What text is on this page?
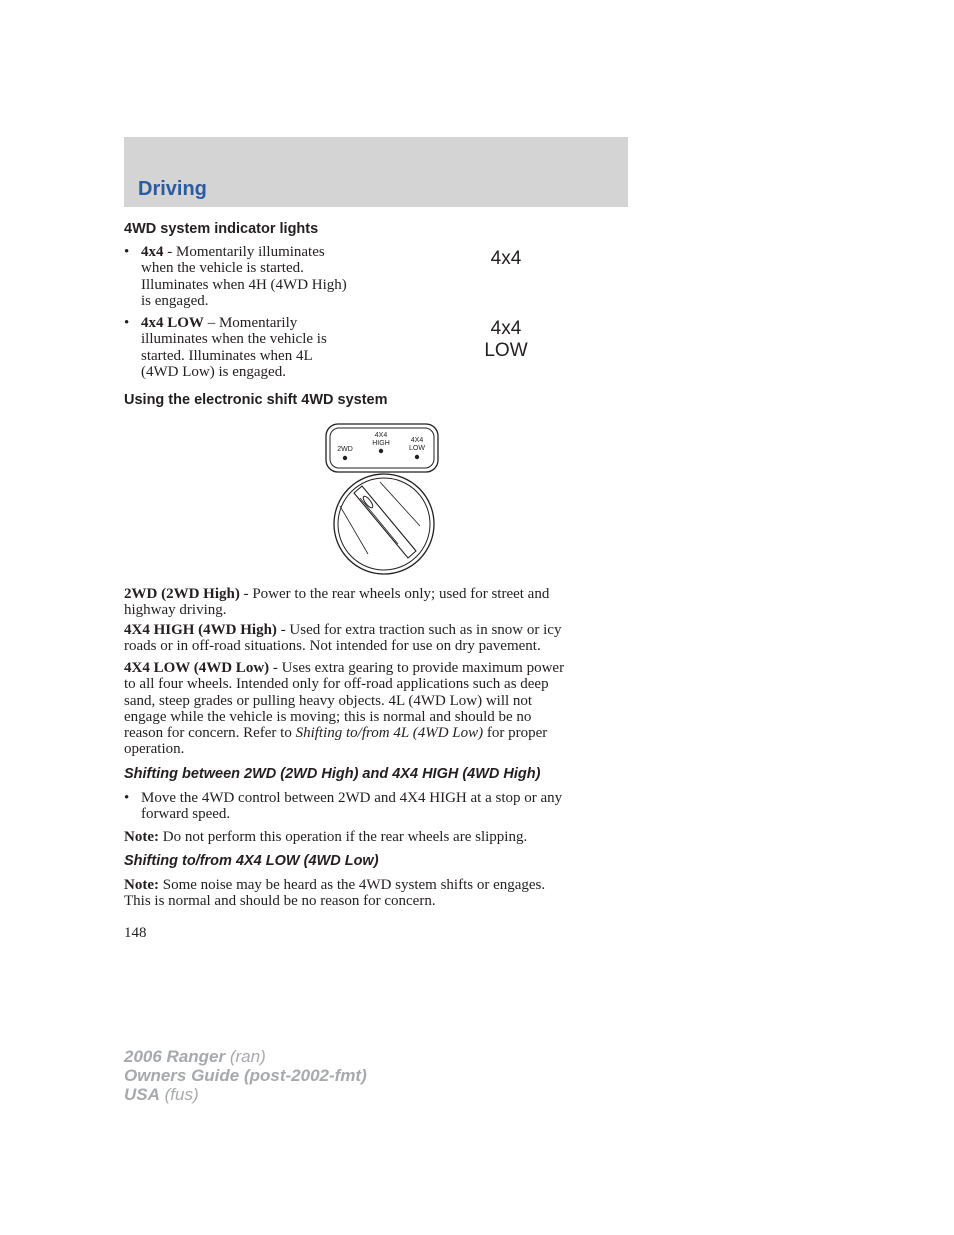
Driving
4WD system indicator lights
• 4x4 - Momentarily illuminates
when the vehicle is started.
Illuminates when 4H (4WD High)
is engaged.
4x4
• 4x4 LOW – Momentarily
illuminates when the vehicle is
started. Illuminates when 4L
(4WD Low) is engaged.
4x4
LOW
Using the electronic shift 4WD system
2WD
4X4
HIGH	4X4
LOW
2WD (2WD High) - Power to the rear wheels only; used for street and
highway driving.
4X4 HIGH (4WD High) - Used for extra traction such as in snow or icy
roads or in off-road situations. Not intended for use on dry pavement.
4X4 LOW (4WD Low) - Uses extra gearing to provide maximum power
to all four wheels. Intended only for off-road applications such as deep
sand, steep grades or pulling heavy objects. 4L (4WD Low) will not
engage while the vehicle is moving; this is normal and should be no
reason for concern. Refer to Shifting to/from 4L (4WD Low) for proper
operation.
Shifting between 2WD (2WD High) and 4X4 HIGH (4WD High)
• Move the 4WD control between 2WD and 4X4 HIGH at a stop or any
forward speed.
Note: Do not perform this operation if the rear wheels are slipping.
Shifting to/from 4X4 LOW (4WD Low)
Note: Some noise may be heard as the 4WD system shifts or engages.
This is normal and should be no reason for concern.
148
2006 Ranger (ran)
Owners Guide (post-2002-fmt)
USA (fus)
